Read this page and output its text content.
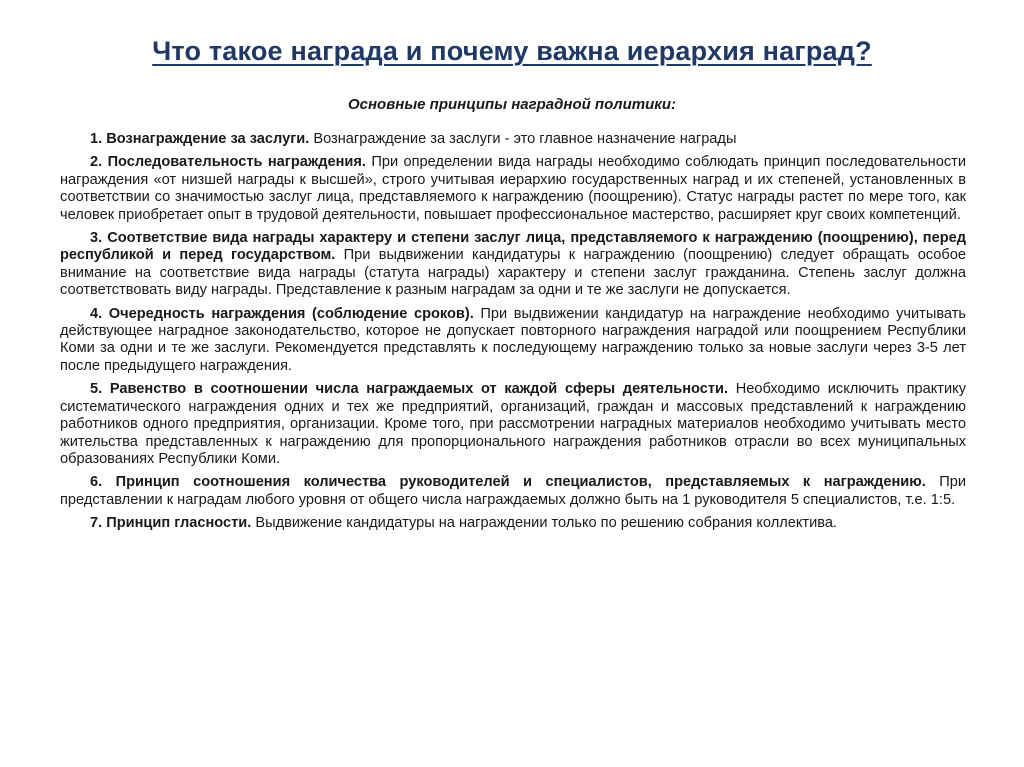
Что такое награда и почему важна иерархия наград?

Основные принципы наградной политики:

1. Вознаграждение за заслуги. Вознаграждение за заслуги - это главное назначение награды
2. Последовательность награждения. При определении вида награды необходимо соблюдать принцип последовательности награждения «от низшей награды к высшей», строго учитывая иерархию государственных наград и их степеней, установленных в соответствии со значимостью заслуг лица, представляемого к награждению (поощрению). Статус награды растет по мере того, как человек приобретает опыт в трудовой деятельности, повышает профессиональное мастерство, расширяет круг своих компетенций.
3. Соответствие вида награды характеру и степени заслуг лица, представляемого к награждению (поощрению), перед республикой и перед государством. При выдвижении кандидатуры к награждению (поощрению) следует обращать особое внимание на соответствие вида награды (статута награды) характеру и степени заслуг гражданина. Степень заслуг должна соответствовать виду награды. Представление к разным наградам за одни и те же заслуги не допускается.
4. Очередность награждения (соблюдение сроков). При выдвижении кандидатур на награждение необходимо учитывать действующее наградное законодательство, которое не допускает повторного награждения наградой или поощрением Республики Коми за одни и те же заслуги. Рекомендуется представлять к последующему награждению только за новые заслуги через 3-5 лет после предыдущего награждения.
5. Равенство в соотношении числа награждаемых от каждой сферы деятельности. Необходимо исключить практику систематического награждения одних и тех же предприятий, организаций, граждан и массовых представлений к награждению работников одного предприятия, организации. Кроме того, при рассмотрении наградных материалов необходимо учитывать место жительства представленных к награждению для пропорционального награждения работников отрасли во всех муниципальных образованиях Республики Коми.
6. Принцип соотношения количества руководителей и специалистов, представляемых к награждению. При представлении к наградам любого уровня от общего числа награждаемых должно быть на 1 руководителя 5 специалистов, т.е. 1:5.
7. Принцип гласности. Выдвижение кандидатуры на награждении только по решению собрания коллектива.
